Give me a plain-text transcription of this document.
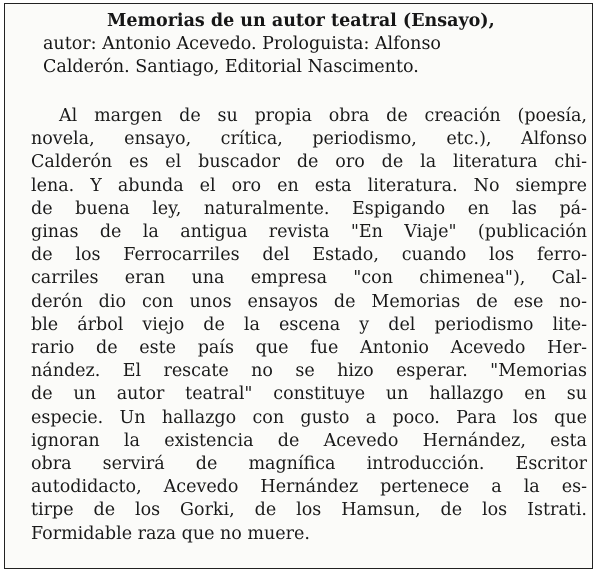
Memorias de un autor teatral (Ensayo),
autor: Antonio Acevedo. Prologuista: Alfonso
Calderón. Santiago, Editorial Nascimento.
Al margen de su propia obra de creación (poesía,
novela, ensayo, crítica, periodismo, etc.), Alfonso
Calderón es el buscador de oro de la literatura chi-
lena. Y abunda el oro en esta literatura. No siempre
de buena ley, naturalmente. Espigando en las pá-
ginas de la antigua revista "En Viaje" (publicación
de los Ferrocarriles del Estado, cuando los ferro-
carriles eran una empresa "con chimenea"), Cal-
derón dio con unos ensayos de Memorias de ese no-
ble árbol viejo de la escena y del periodismo lite-
rario de este país que fue Antonio Acevedo Her-
nández. El rescate no se hizo esperar. "Memorias
de un autor teatral" constituye un hallazgo en su
especie. Un hallazgo con gusto a poco. Para los que
ignoran la existencia de Acevedo Hernández, esta
obra servirá de magnífica introducción. Escritor
autodidacto, Acevedo Hernández pertenece a la es-
tirpe de los Gorki, de los Hamsun, de los Istrati.
Formidable raza que no muere.
